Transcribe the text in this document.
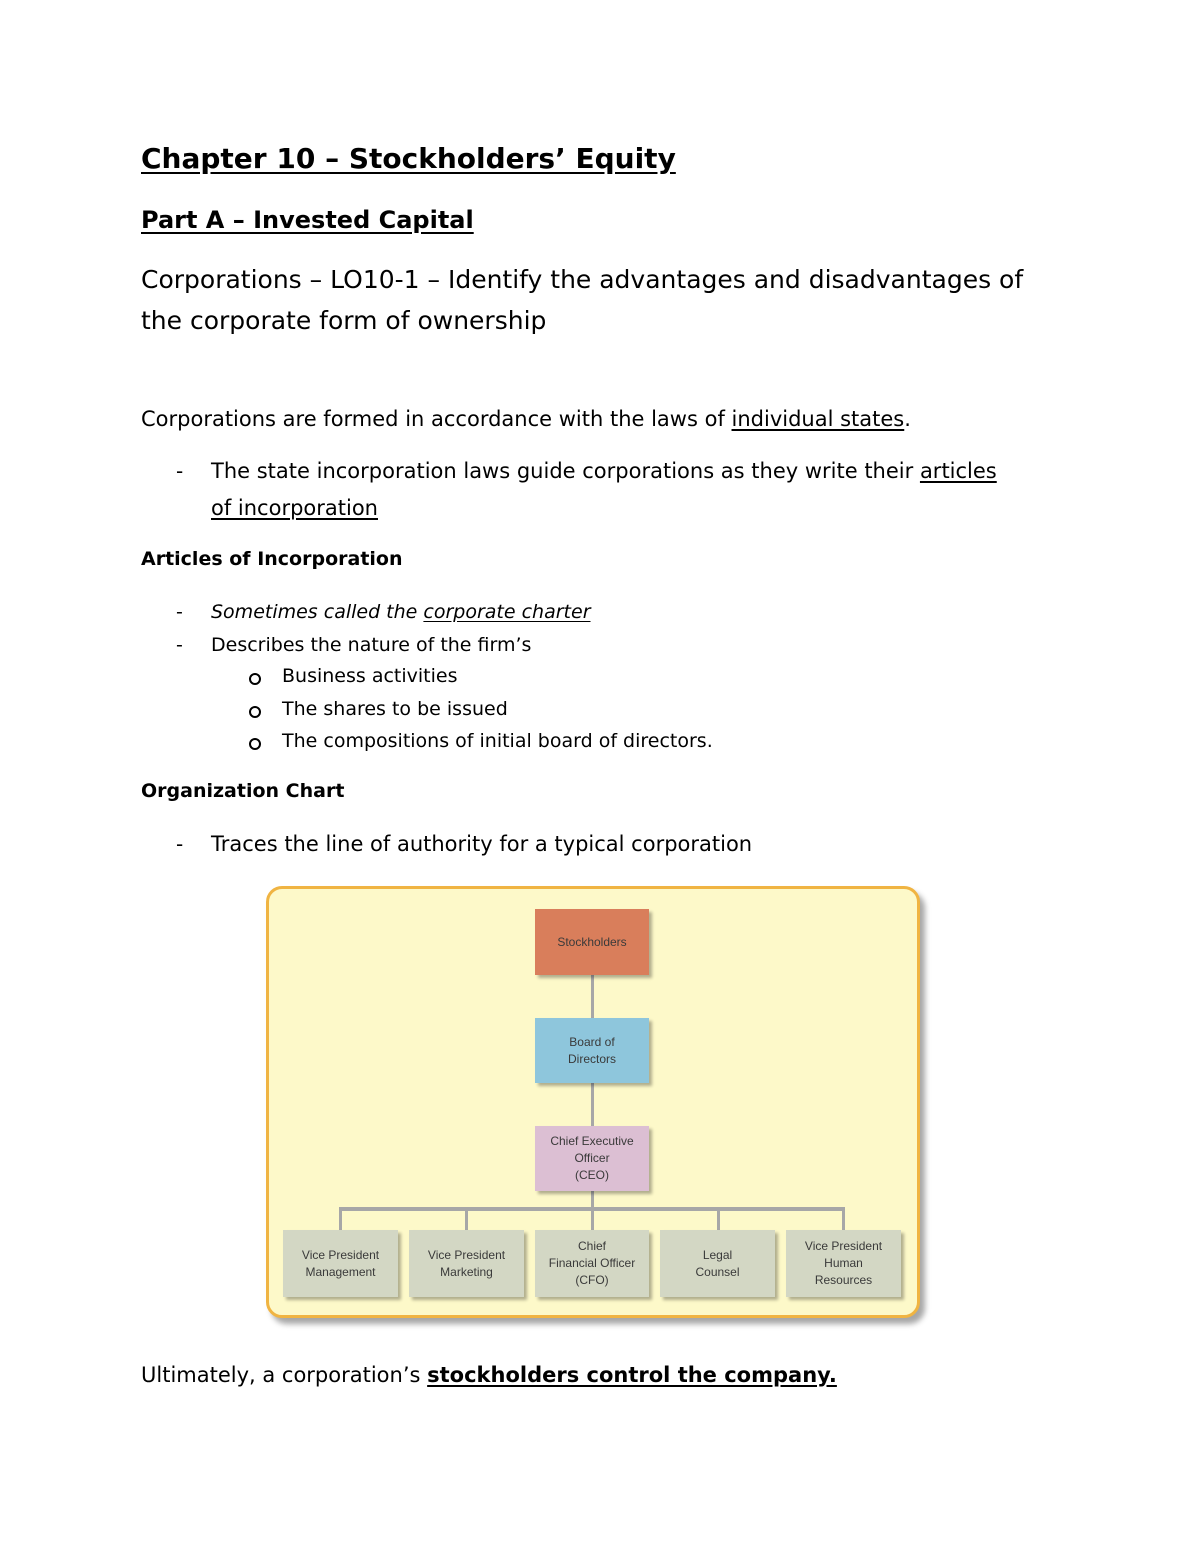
Chapter 10 – Stockholders’ Equity
Part A – Invested Capital
Corporations – LO10-1 – Identify the advantages and disadvantages of
the corporate form of ownership
Corporations are formed in accordance with the laws of individual states.
- The state incorporation laws guide corporations as they write their articles
of incorporation
Articles of Incorporation
- Sometimes called the corporate charter
- Describes the nature of the firm’s
Business activities
The shares to be issued
The compositions of initial board of directors.
Organization Chart
- Traces the line of authority for a typical corporation
Stockholders
Board of
Directors
Chief Executive
Officer
(CEO)
Vice President
Management
Vice President
Marketing
Chief
Financial Officer
(CFO)
Legal
Counsel
Vice President
Human
Resources
Ultimately, a corporation’s stockholders control the company.
